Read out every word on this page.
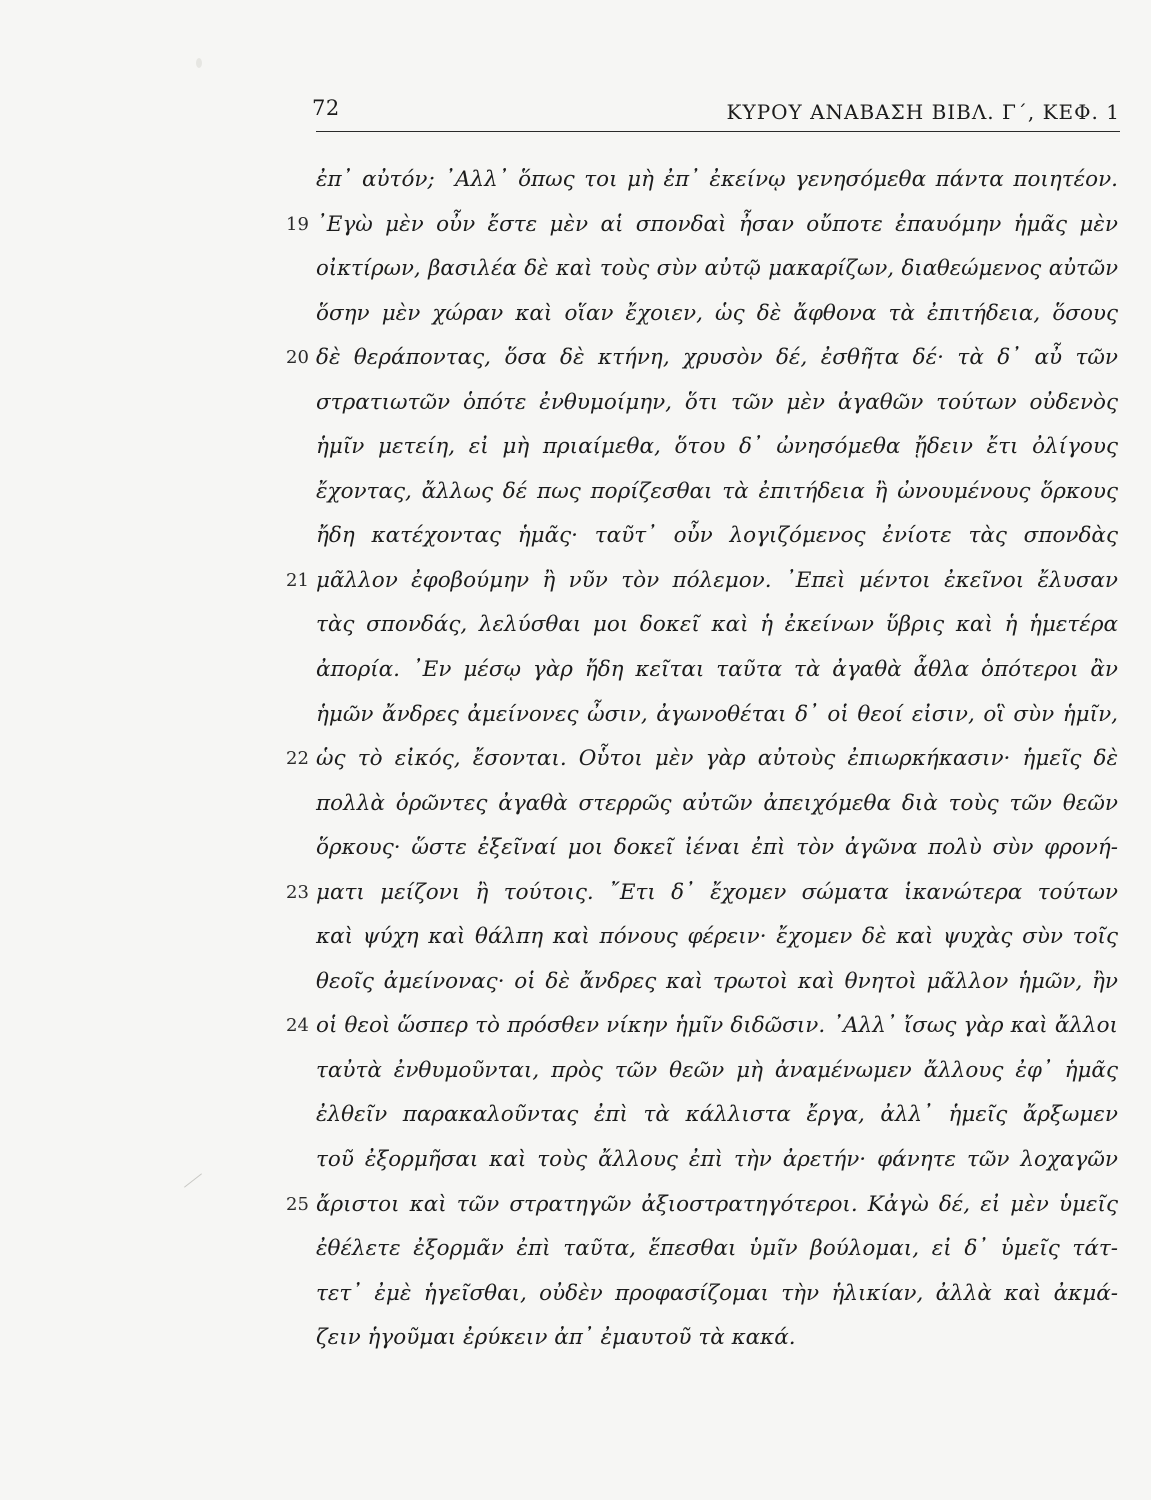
72	ΚΥΡΟΥ ΑΝΑΒΑΣΗ ΒΙΒΛ. Γ΄, ΚΕΦ. 1
ἐπ᾽ αὐτόν; ᾽Αλλ᾽ ὅπως τοι μὴ ἐπ᾽ ἐκείνῳ γενησόμεθα πάντα ποιητέον.
19 ᾽Εγὼ μὲν οὖν ἔστε μὲν αἱ σπονδαὶ ἦσαν οὔποτε ἐπαυόμην ἡμᾶς μὲν
οἰκτίρων, βασιλέα δὲ καὶ τοὺς σὺν αὐτῷ μακαρίζων, διαθεώμενος αὐτῶν
ὅσην μὲν χώραν καὶ οἵαν ἔχοιεν, ὡς δὲ ἄφθονα τὰ ἐπιτήδεια, ὅσους
20 δὲ θεράποντας, ὅσα δὲ κτήνη, χρυσὸν δέ, ἐσθῆτα δέ· τὰ δ᾽ αὖ τῶν
στρατιωτῶν ὁπότε ἐνθυμοίμην, ὅτι τῶν μὲν ἀγαθῶν τούτων οὐδενὸς
ἡμῖν μετείη, εἰ μὴ πριαίμεθα, ὅτου δ᾽ ὠνησόμεθα ᾔδειν ἔτι ὀλίγους
ἔχοντας, ἄλλως δέ πως πορίζεσθαι τὰ ἐπιτήδεια ἢ ὠνουμένους ὅρκους
ἤδη κατέχοντας ἡμᾶς· ταῦτ᾽ οὖν λογιζόμενος ἐνίοτε τὰς σπονδὰς
21 μᾶλλον ἐφοβούμην ἢ νῦν τὸν πόλεμον. ᾽Επεὶ μέντοι ἐκεῖνοι ἔλυσαν
τὰς σπονδάς, λελύσθαι μοι δοκεῖ καὶ ἡ ἐκείνων ὕβρις καὶ ἡ ἡμετέρα
ἀπορία. ᾽Εν μέσῳ γὰρ ἤδη κεῖται ταῦτα τὰ ἀγαθὰ ἆθλα ὁπότεροι ἂν
ἡμῶν ἄνδρες ἀμείνονες ὦσιν, ἀγωνοθέται δ᾽ οἱ θεοί εἰσιν, οἳ σὺν ἡμῖν,
22 ὡς τὸ εἰκός, ἔσονται. Οὗτοι μὲν γὰρ αὐτοὺς ἐπιωρκήκασιν· ἡμεῖς δὲ
πολλὰ ὁρῶντες ἀγαθὰ στερρῶς αὐτῶν ἀπειχόμεθα διὰ τοὺς τῶν θεῶν
ὅρκους· ὥστε ἐξεῖναί μοι δοκεῖ ἰέναι ἐπὶ τὸν ἀγῶνα πολὺ σὺν φρονή-
23 ματι μείζονι ἢ τούτοις. ῎Ετι δ᾽ ἔχομεν σώματα ἱκανώτερα τούτων
καὶ ψύχη καὶ θάλπη καὶ πόνους φέρειν· ἔχομεν δὲ καὶ ψυχὰς σὺν τοῖς
θεοῖς ἀμείνονας· οἱ δὲ ἄνδρες καὶ τρωτοὶ καὶ θνητοὶ μᾶλλον ἡμῶν, ἢν
24 οἱ θεοὶ ὥσπερ τὸ πρόσθεν νίκην ἡμῖν διδῶσιν. ᾽Αλλ᾽ ἴσως γὰρ καὶ ἄλλοι
ταὐτὰ ἐνθυμοῦνται, πρὸς τῶν θεῶν μὴ ἀναμένωμεν ἄλλους ἐφ᾽ ἡμᾶς
ἐλθεῖν παρακαλοῦντας ἐπὶ τὰ κάλλιστα ἔργα, ἀλλ᾽ ἡμεῖς ἄρξωμεν
τοῦ ἐξορμῆσαι καὶ τοὺς ἄλλους ἐπὶ τὴν ἀρετήν· φάνητε τῶν λοχαγῶν
25 ἄριστοι καὶ τῶν στρατηγῶν ἀξιοστρατηγότεροι. Κἀγὼ δέ, εἰ μὲν ὑμεῖς
ἐθέλετε ἐξορμᾶν ἐπὶ ταῦτα, ἕπεσθαι ὑμῖν βούλομαι, εἰ δ᾽ ὑμεῖς τάτ-
τετ᾽ ἐμὲ ἡγεῖσθαι, οὐδὲν προφασίζομαι τὴν ἡλικίαν, ἀλλὰ καὶ ἀκμά-
ζειν ἡγοῦμαι ἐρύκειν ἀπ᾽ ἐμαυτοῦ τὰ κακά.
